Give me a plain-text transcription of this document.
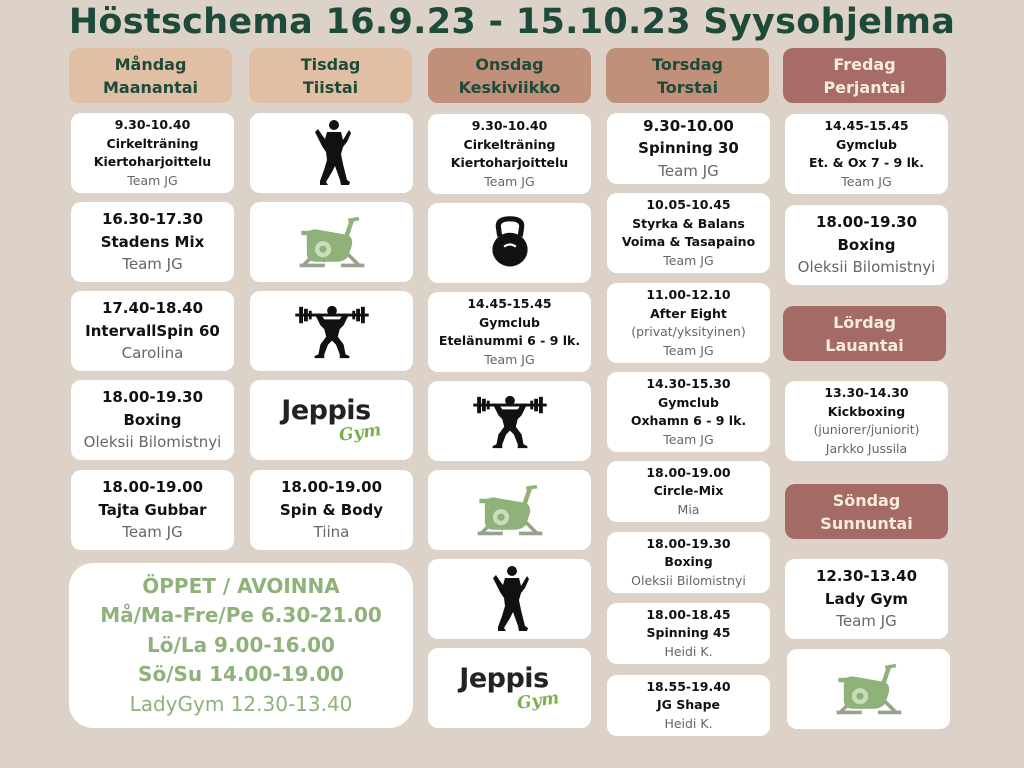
Höstschema 16.9.23 - 15.10.23 Syysohjelma
Måndag
Maanantai
9.30-10.40
Cirkelträning
Kiertoharjoittelu
Team JG
16.30-17.30
Stadens Mix
Team JG
17.40-18.40
IntervallSpin 60
Carolina
18.00-19.30
Boxing
Oleksii Bilomistnyi
18.00-19.00
Tajta Gubbar
Team JG
ÖPPET / AVOINNA
Må/Ma-Fre/Pe 6.30-21.00
Lö/La 9.00-16.00
Sö/Su 14.00-19.00
LadyGym 12.30-13.40
Tisdag
Tiistai
Jeppis
Gym
18.00-19.00
Spin & Body
Tiina
Onsdag
Keskiviikko
9.30-10.40
Cirkelträning
Kiertoharjoittelu
Team JG
14.45-15.45
Gymclub
Etelänummi 6 - 9 lk.
Team JG
Jeppis
Gym
Torsdag
Torstai
9.30-10.00
Spinning 30
Team JG
10.05-10.45
Styrka & Balans
Voima & Tasapaino
Team JG
11.00-12.10
After Eight
(privat/yksityinen)
Team JG
14.30-15.30
Gymclub
Oxhamn 6 - 9 lk.
Team JG
18.00-19.00
Circle-Mix
Mia
18.00-19.30
Boxing
Oleksii Bilomistnyi
18.00-18.45
Spinning 45
Heidi K.
18.55-19.40
JG Shape
Heidi K.
Fredag
Perjantai
14.45-15.45
Gymclub
Et. & Ox 7 - 9 lk.
Team JG
18.00-19.30
Boxing
Oleksii Bilomistnyi
Lördag
Lauantai
13.30-14.30
Kickboxing
(juniorer/juniorit)
Jarkko Jussila
Söndag
Sunnuntai
12.30-13.40
Lady Gym
Team JG
